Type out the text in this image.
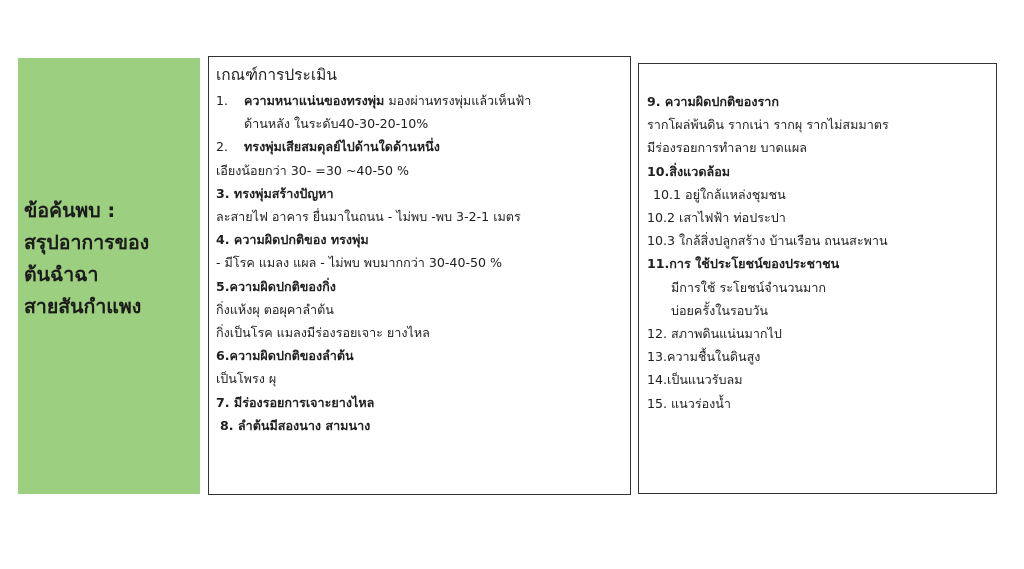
ข้อค้นพบ :
สรุปอาการของ
ต้นฉำฉา
สายสันกำแพง
เกณฑ์การประเมิน
1. ความหนาแน่นของทรงพุ่ม มองผ่านทรงพุ่มแล้วเห็นฟ้า
ด้านหลัง ในระดับ40-30-20-10%
2. ทรงพุ่มเสียสมดุลย์ไปด้านใดด้านหนึ่ง
เอียงน้อยกว่า 30- =30 ~40-50 %
3. ทรงพุ่มสร้างปัญหา
ละสายไฟ อาคาร ยื่นมาในถนน - ไม่พบ -พบ 3-2-1 เมตร
4. ความผิดปกติของ ทรงพุ่ม
- มีโรค แมลง แผล - ไม่พบ พบมากกว่า 30-40-50 %
5.ความผิดปกติของกิ่ง
กิ่งแห้งผุ ตอผุคาลำต้น
กิ่งเป็นโรค แมลงมีร่องรอยเจาะ ยางไหล
6.ความผิดปกติของลำต้น
เป็นโพรง ผุ
7. มีร่องรอยการเจาะยางไหล
8. ลำต้นมีสองนาง สามนาง
9. ความผิดปกติของราก
รากโผล่พ้นดิน รากเน่า รากผุ รากไม่สมมาตร
มีร่องรอยการทำลาย บาดแผล
10.สิ่งแวดล้อม
10.1 อยู่ใกล้แหล่งชุมชน
10.2 เสาไฟฟ้า ท่อประปา
10.3 ใกล้สิ่งปลูกสร้าง บ้านเรือน ถนนสะพาน
11.การ ใช้ประโยชน์ของประชาชน
มีการใช้ ระโยชน์จำนวนมาก
บ่อยครั้งในรอบวัน
12. สภาพดินแน่นมากไป
13.ความชื้นในดินสูง
14.เป็นแนวรับลม
15. แนวร่องน้ำ
